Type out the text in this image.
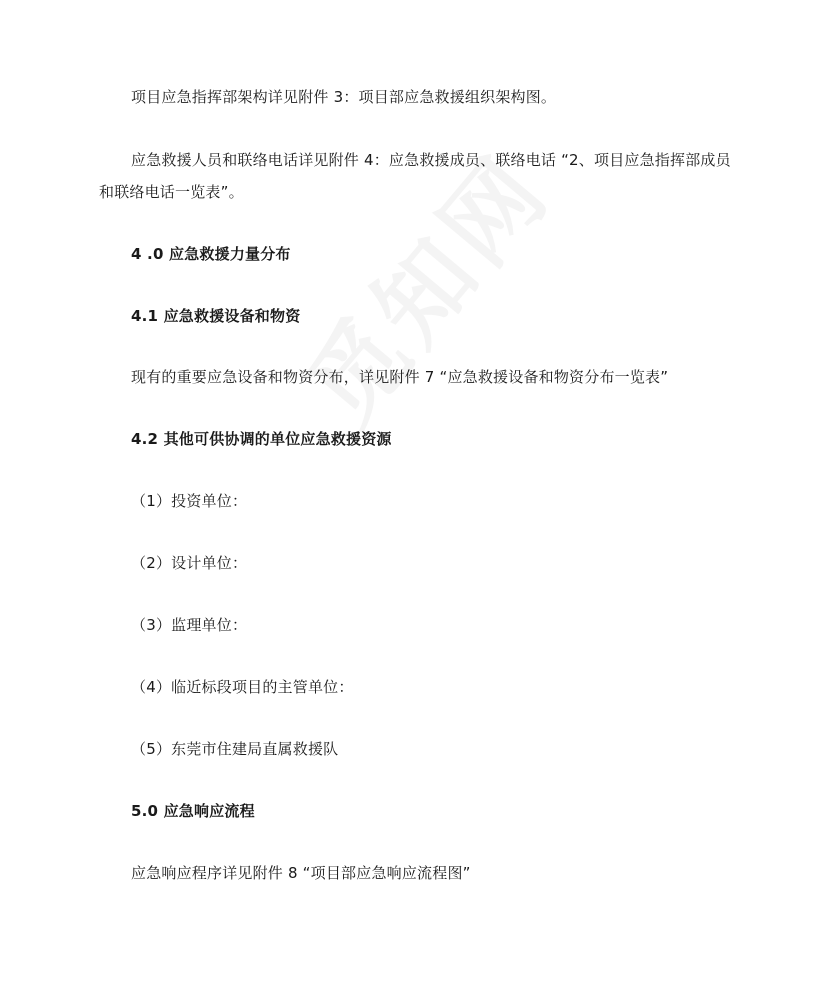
项目应急指挥部架构详见附件 3：项目部应急救援组织架构图。
应急救援人员和联络电话详见附件 4：应急救援成员、联络电话 “2、项目应急指挥部成员
和联络电话一览表”。
4 .0 应急救援力量分布
4.1 应急救援设备和物资
现有的重要应急设备和物资分布，详见附件 7 “应急救援设备和物资分布一览表”
4.2 其他可供协调的单位应急救援资源
（1）投资单位：
（2）设计单位：
（3）监理单位：
（4）临近标段项目的主管单位：
（5）东莞市住建局直属救援队
5.0 应急响应流程
应急响应程序详见附件 8 “项目部应急响应流程图”
